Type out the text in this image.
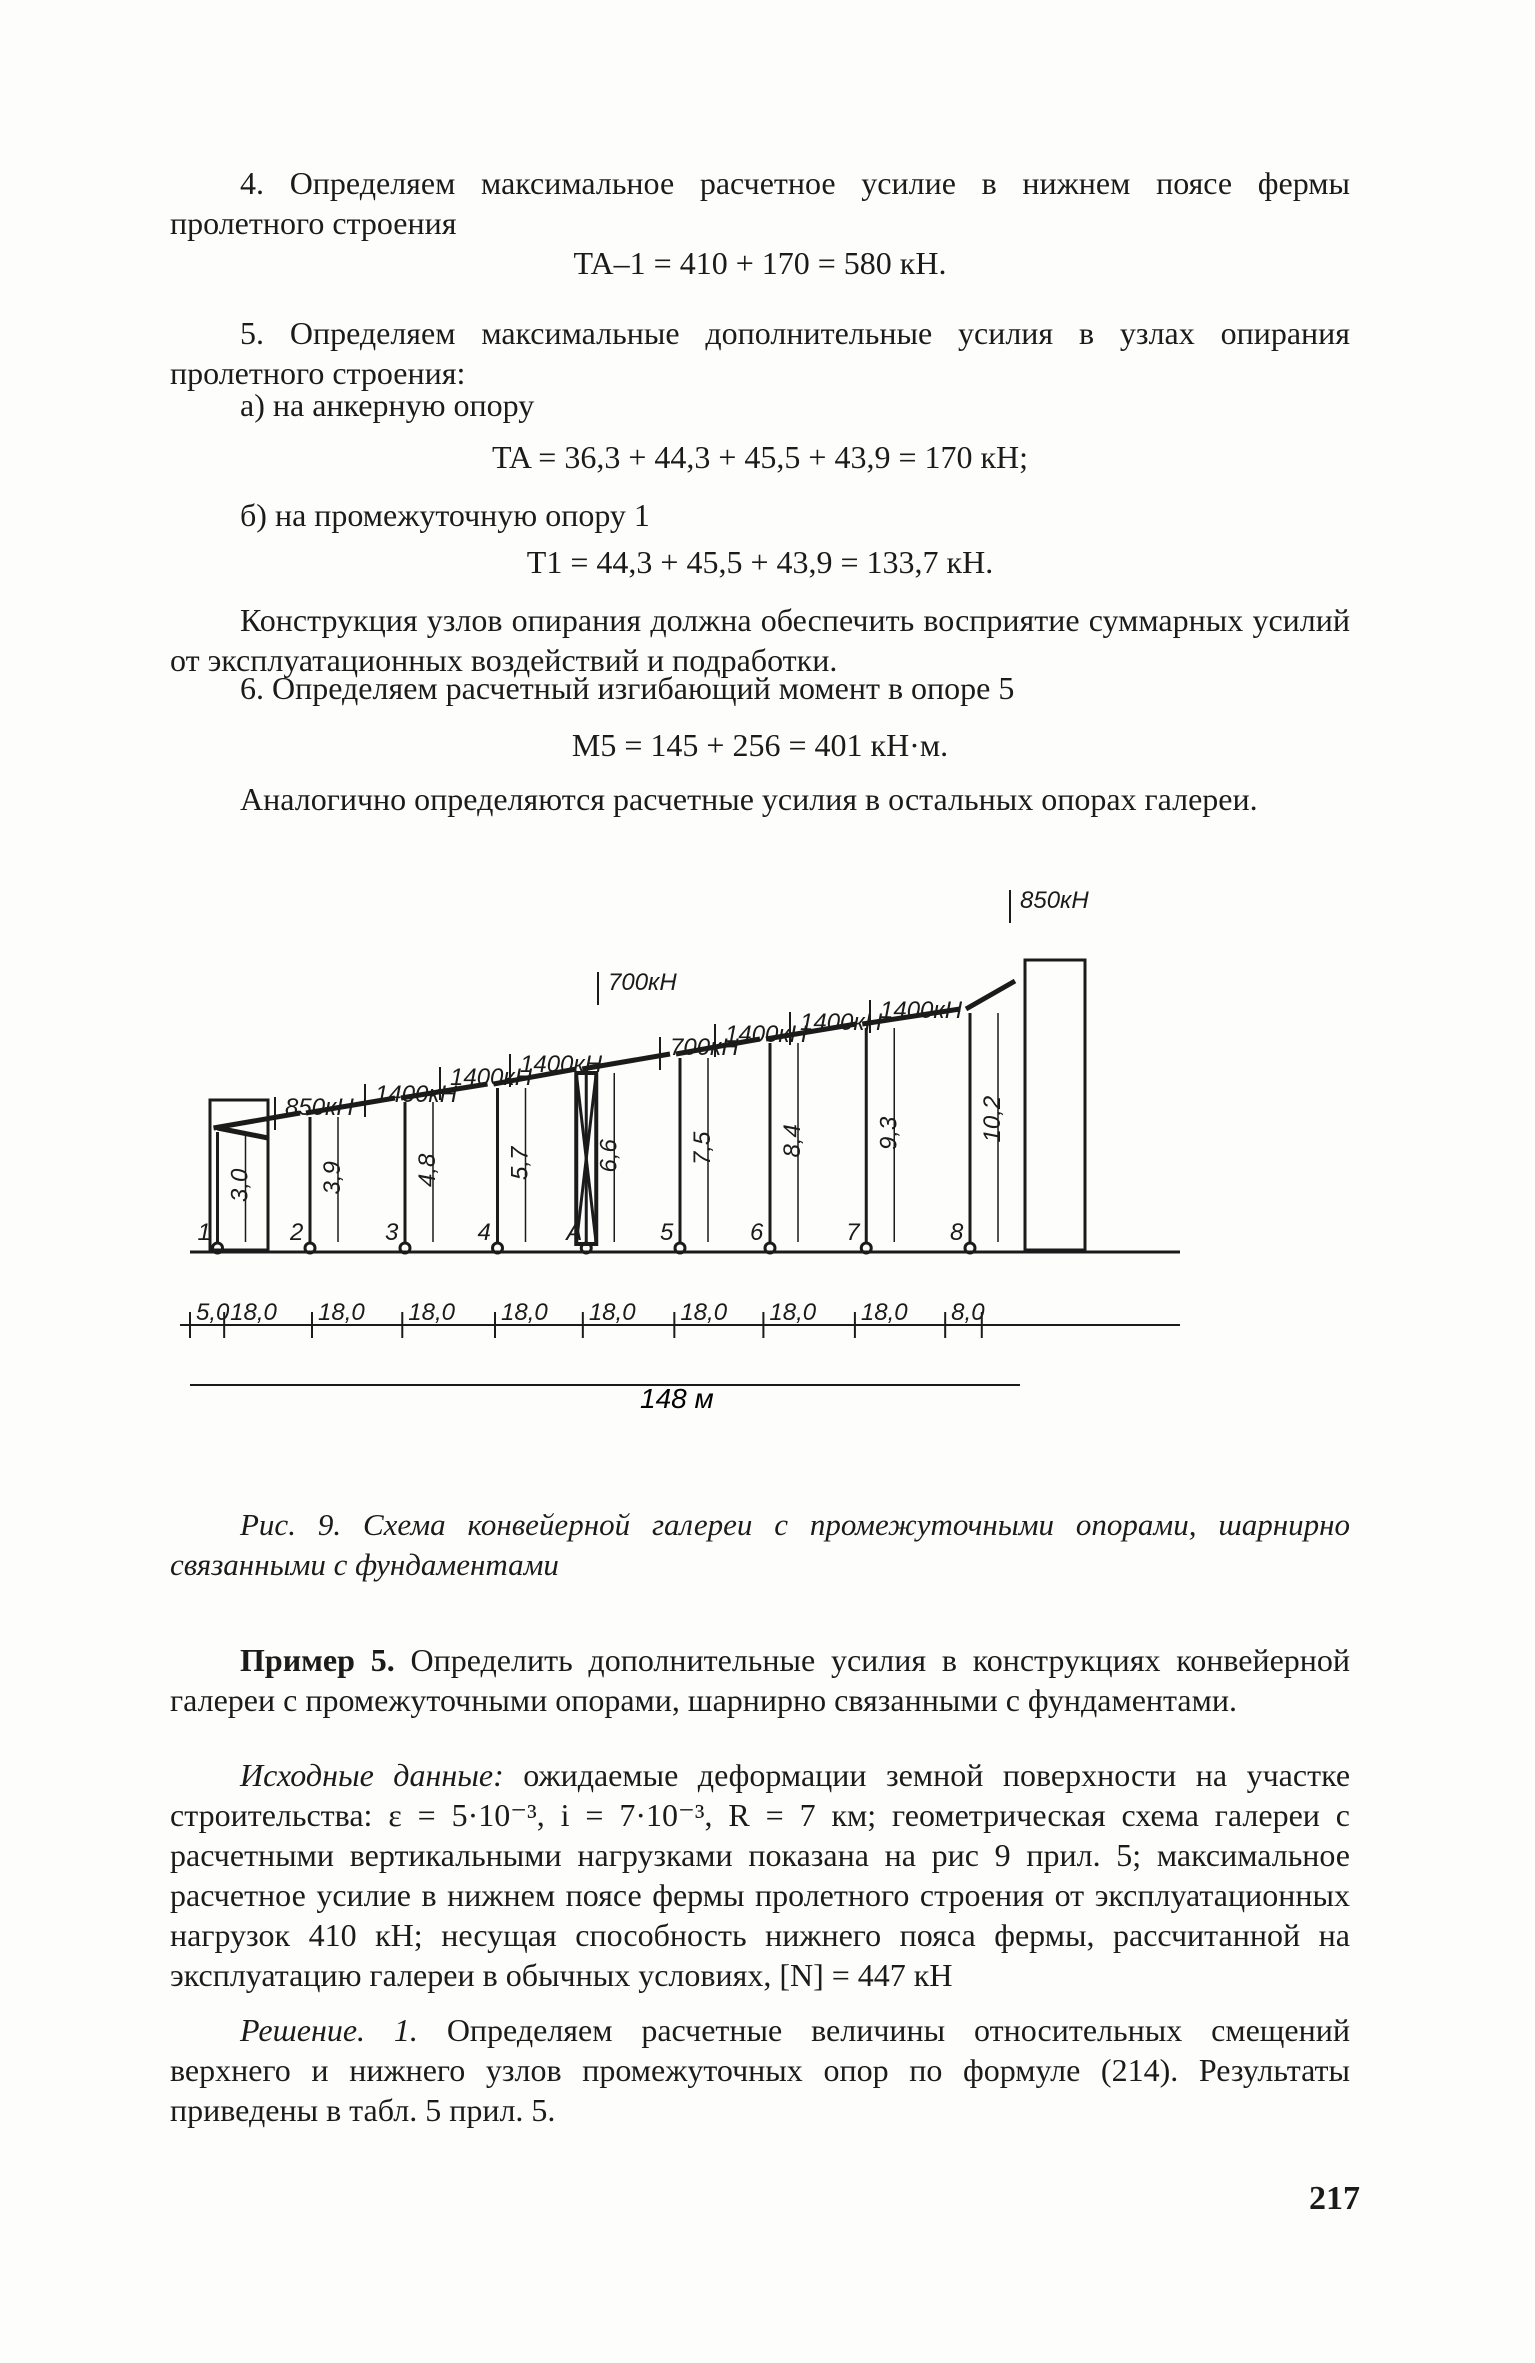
4. Определяем максимальное расчетное усилие в нижнем поясе фермы пролетного строения

TA–1 = 410 + 170 = 580 кН.

5. Определяем максимальные дополнительные усилия в узлах опирания пролетного строения:

а) на анкерную опору

TA = 36,3 + 44,3 + 45,5 + 43,9 = 170 кН;

б) на промежуточную опору 1

T1 = 44,3 + 45,5 + 43,9 = 133,7 кН.

Конструкция узлов опирания должна обеспечить восприятие суммарных усилий от эксплуатационных воздействий и подработки.

6. Определяем расчетный изгибающий момент в опоре 5

M5 = 145 + 256 = 401 кН·м.

Аналогично определяются расчетные усилия в остальных опорах галереи.

3,0
1
3,9
2
4,8
3
5,7
4
6,6
А
7,5
5
8,4
6
9,3
7
10,2
8
850кН 1400кН
1400кН
1400кН
700кН
700кН
1400кН
1400кН
1400кН
850кН
5,0 18,0 18,0 18,0 18,0 18,0 18,0 18,0 18,0 8,0
148 м

Рис. 9. Схема конвейерной галереи с промежуточными опорами, шарнирно связанными с фундаментами

Пример 5. Определить дополнительные усилия в конструкциях конвейерной галереи с промежуточными опорами, шарнирно связанными с фундаментами.

Исходные данные: ожидаемые деформации земной поверхности на участке строительства: ε = 5·10⁻³, i = 7·10⁻³, R = 7 км; геометрическая схема галереи с расчетными вертикальными нагрузками показана на рис 9 прил. 5; максимальное расчетное усилие в нижнем поясе фермы пролетного строения от эксплуатационных нагрузок 410 кН; несущая способность нижнего пояса фермы, рассчитанной на эксплуатацию галереи в обычных условиях, [N] = 447 кН

Решение. 1. Определяем расчетные величины относительных смещений верхнего и нижнего узлов промежуточных опор по формуле (214). Результаты приведены в табл. 5 прил. 5.

217
